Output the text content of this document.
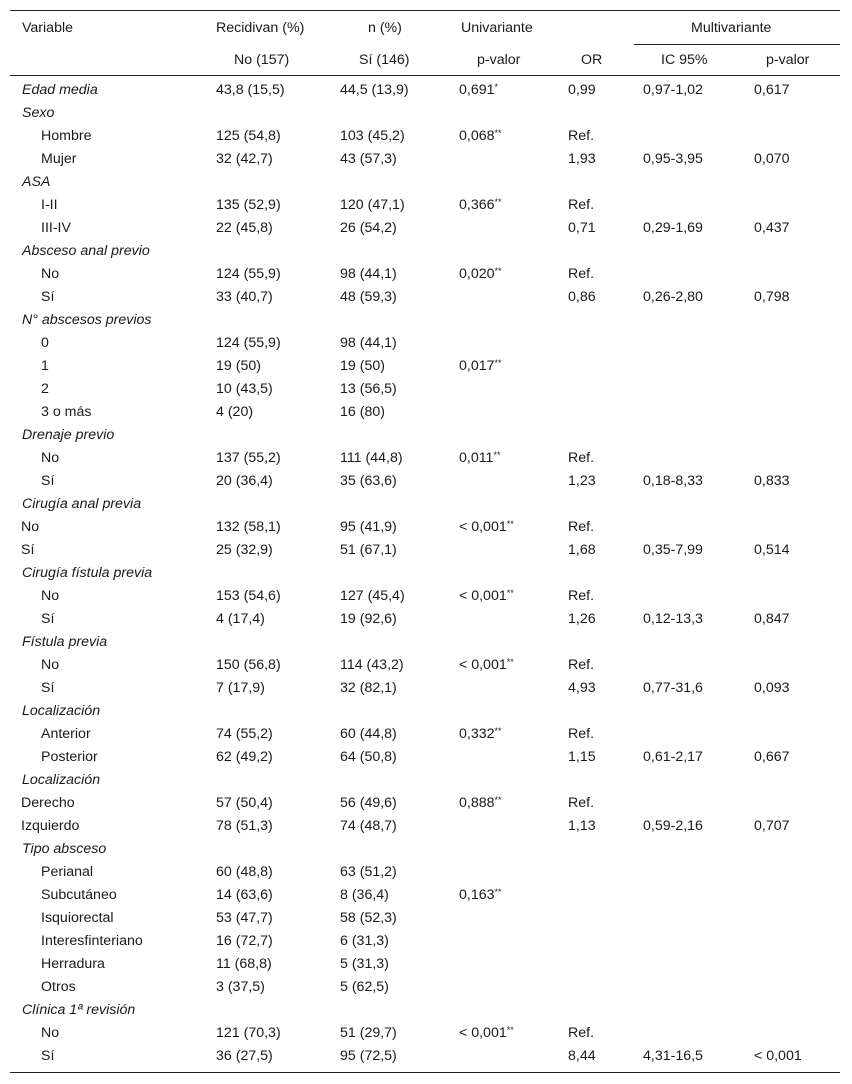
Variable	Recidivan (%)	n (%)	Univariante	Multivariante
No (157)	Sí (146)	p-valor	OR	IC 95%	p-valor
Edad media	43,8 (15,5)	44,5 (13,9)	0,691*	0,99	0,97-1,02	0,617
Sexo						
Hombre	125 (54,8)	103 (45,2)	0,068**	Ref.		
Mujer	32 (42,7)	43 (57,3)		1,93	0,95-3,95	0,070
ASA						
I-II	135 (52,9)	120 (47,1)	0,366**	Ref.		
III-IV	22 (45,8)	26 (54,2)		0,71	0,29-1,69	0,437
Absceso anal previo						
No	124 (55,9)	98 (44,1)	0,020**	Ref.		
Sí	33 (40,7)	48 (59,3)		0,86	0,26-2,80	0,798
N° abscesos previos						
0	124 (55,9)	98 (44,1)				
1	19 (50)	19 (50)	0,017**			
2	10 (43,5)	13 (56,5)				
3 o más	4 (20)	16 (80)				
Drenaje previo						
No	137 (55,2)	111 (44,8)	0,011**	Ref.		
Sí	20 (36,4)	35 (63,6)		1,23	0,18-8,33	0,833
Cirugía anal previa						
No	132 (58,1)	95 (41,9)	< 0,001**	Ref.		
Sí	25 (32,9)	51 (67,1)		1,68	0,35-7,99	0,514
Cirugía fístula previa						
No	153 (54,6)	127 (45,4)	< 0,001**	Ref.		
Sí	4 (17,4)	19 (92,6)		1,26	0,12-13,3	0,847
Fístula previa						
No	150 (56,8)	114 (43,2)	< 0,001**	Ref.		
Sí	7 (17,9)	32 (82,1)		4,93	0,77-31,6	0,093
Localización						
Anterior	74 (55,2)	60 (44,8)	0,332**	Ref.		
Posterior	62 (49,2)	64 (50,8)		1,15	0,61-2,17	0,667
Localización						
Derecho	57 (50,4)	56 (49,6)	0,888**	Ref.		
Izquierdo	78 (51,3)	74 (48,7)		1,13	0,59-2,16	0,707
Tipo absceso						
Perianal	60 (48,8)	63 (51,2)				
Subcutáneo	14 (63,6)	8 (36,4)	0,163**			
Isquiorectal	53 (47,7)	58 (52,3)				
Interesfinteriano	16 (72,7)	6 (31,3)				
Herradura	11 (68,8)	5 (31,3)				
Otros	3 (37,5)	5 (62,5)				
Clínica 1ª revisión						
No	121 (70,3)	51 (29,7)	< 0,001**	Ref.		
Sí	36 (27,5)	95 (72,5)		8,44	4,31-16,5	< 0,001
